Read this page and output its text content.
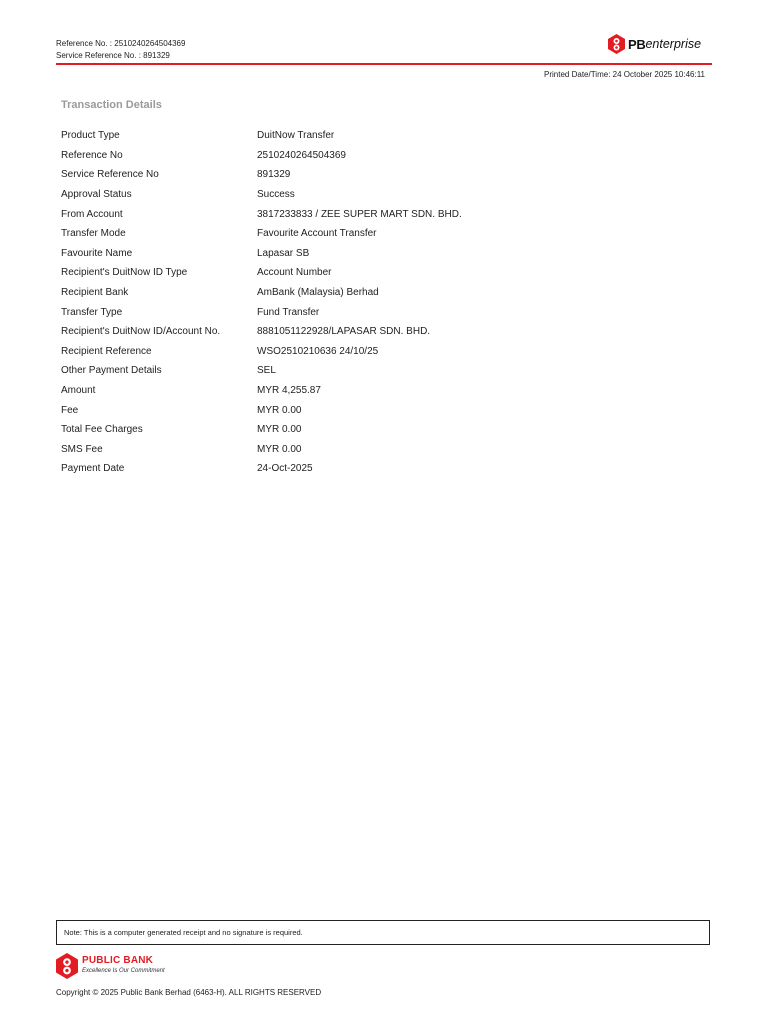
Reference No. : 2510240264504369
Service Reference No. : 891329
PB enterprise
Printed Date/Time: 24 October 2025 10:46:11
Transaction Details
Product Type	DuitNow Transfer
Reference No	2510240264504369
Service Reference No	891329
Approval Status	Success
From Account	3817233833 / ZEE SUPER MART SDN. BHD.
Transfer Mode	Favourite Account Transfer
Favourite Name	Lapasar SB
Recipient's DuitNow ID Type	Account Number
Recipient Bank	AmBank (Malaysia) Berhad
Transfer Type	Fund Transfer
Recipient's DuitNow ID/Account No.	8881051122928/LAPASAR SDN. BHD.
Recipient Reference	WSO2510210636 24/10/25
Other Payment Details	SEL
Amount	MYR 4,255.87
Fee	MYR 0.00
Total Fee Charges	MYR 0.00
SMS Fee	MYR 0.00
Payment Date	24-Oct-2025
Note: This is a computer generated receipt and no signature is required.
PUBLIC BANK
Excellence Is Our Commitment
Copyright © 2025 Public Bank Berhad (6463-H). ALL RIGHTS RESERVED
